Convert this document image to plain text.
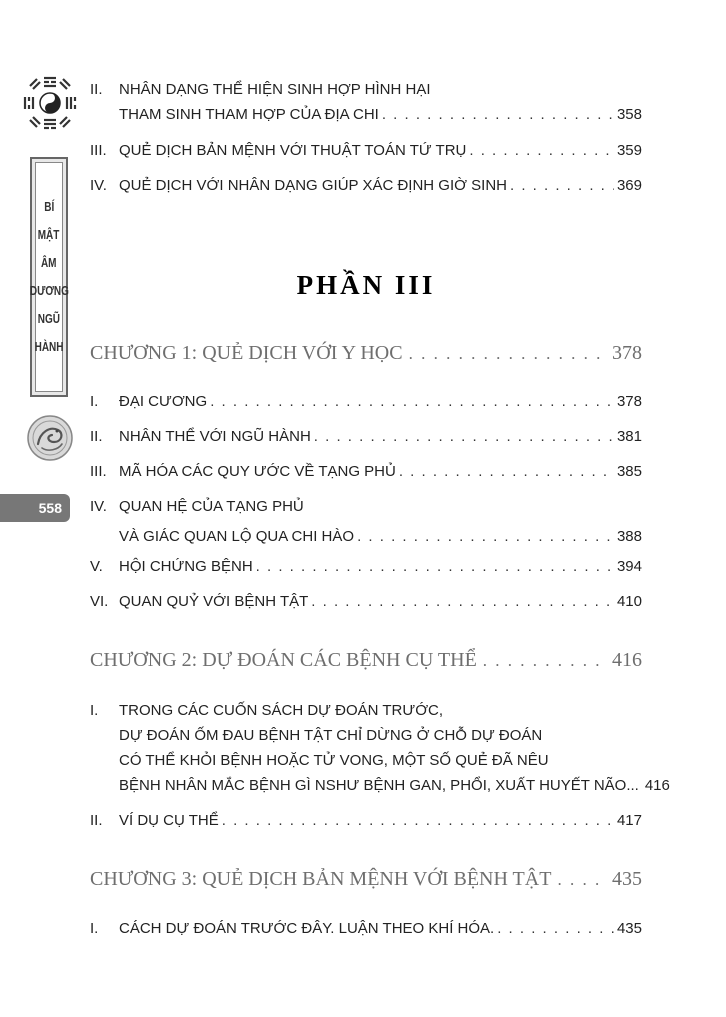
BÍ
MẬT
ÂM
DƯƠNG
NGŨ
HÀNH
558
II. NHÂN DẠNG THỂ HIỆN SINH HỢP HÌNH HẠI
THAM SINH THAM HỢP CỦA ĐỊA CHI . . .	358
III. QUẺ DỊCH BẢN MỆNH VỚI THUẬT TOÁN TỨ TRỤ . . .	359
IV. QUẺ DỊCH VỚI NHÂN DẠNG GIÚP XÁC ĐỊNH GIỜ SINH . . .	369
PHẦN III
CHƯƠNG 1: QUẺ DỊCH VỚI Y HỌC . . .	378
I. ĐẠI CƯƠNG . . .	378
II. NHÂN THỂ VỚI NGŨ HÀNH . . .	381
III. MÃ HÓA CÁC QUY ƯỚC VỀ TẠNG PHỦ . . .	385
IV. QUAN HỆ CỦA TẠNG PHỦ
VÀ GIÁC QUAN LỘ QUA CHI HÀO . . .	388
V. HỘI CHỨNG BỆNH . . .	394
VI. QUAN QUỶ VỚI BỆNH TẬT . . .	410
CHƯƠNG 2: DỰ ĐOÁN CÁC BỆNH CỤ THỂ . . .	416
I. TRONG CÁC CUỐN SÁCH DỰ ĐOÁN TRƯỚC,
DỰ ĐOÁN ỐM ĐAU BỆNH TẬT CHỈ DỪNG Ở CHỖ DỰ ĐOÁN
CÓ THỂ KHỎI BỆNH HOẶC TỬ VONG, MỘT SỐ QUẺ ĐÃ NÊU
BỆNH NHÂN MẮC BỆNH GÌ NSHƯ BỆNH GAN, PHỔI, XUẤT HUYẾT NÃO... 416
II. VÍ DỤ CỤ THỂ . . .	417
CHƯƠNG 3: QUẺ DỊCH BẢN MỆNH VỚI BỆNH TẬT . . .	435
I. CÁCH DỰ ĐOÁN TRƯỚC ĐÂY. LUẬN THEO KHÍ HÓA. . . .	435
